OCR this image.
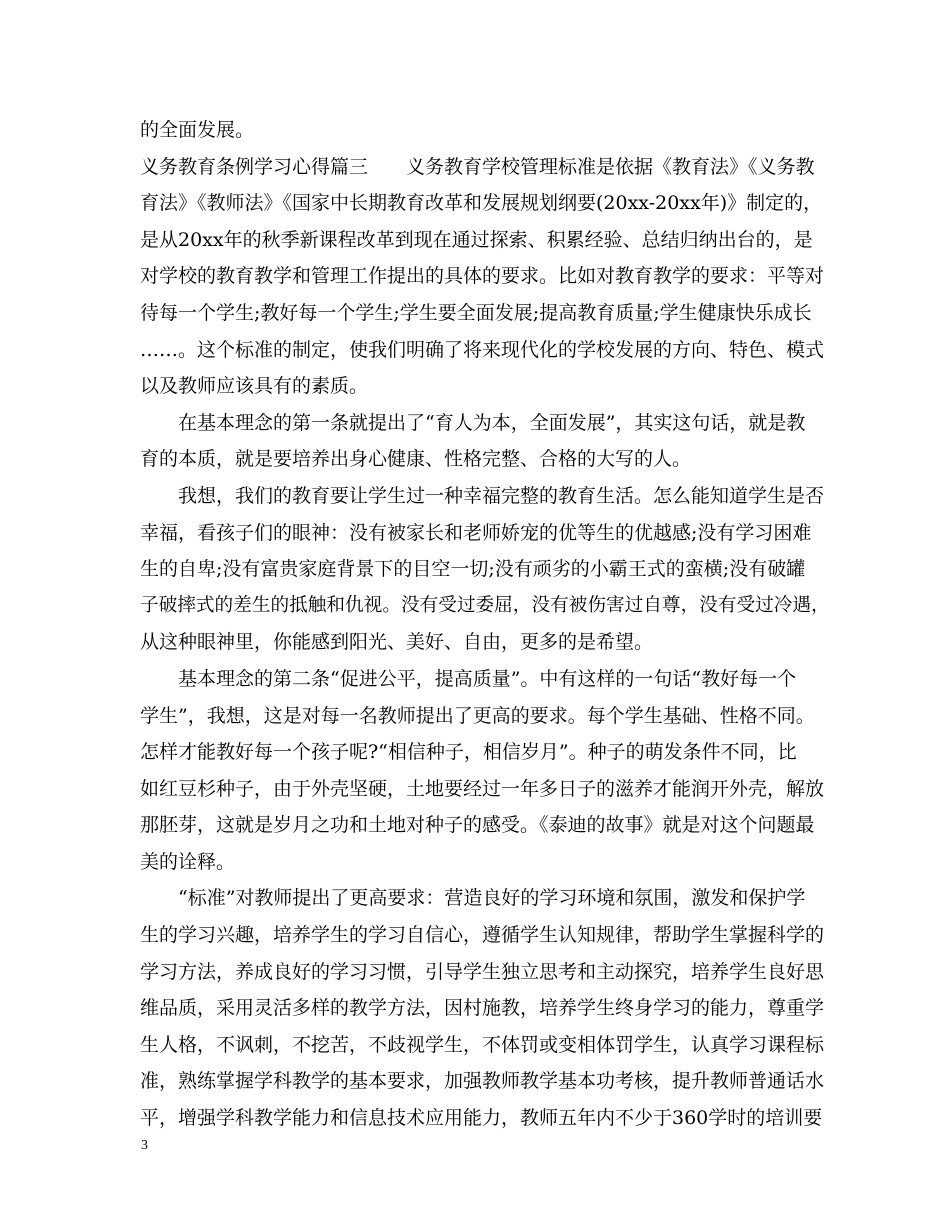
的全面发展。
义务教育条例学习心得篇三　　义务教育学校管理标准是依据《教育法》《义务教
育法》《教师法》《国家中长期教育改革和发展规划纲要(20xx-20xx年)》制定的，
是从20xx年的秋季新课程改革到现在通过探索、积累经验、总结归纳出台的，是
对学校的教育教学和管理工作提出的具体的要求。比如对教育教学的要求：平等对
待每一个学生;教好每一个学生;学生要全面发展;提高教育质量;学生健康快乐成长
……。这个标准的制定，使我们明确了将来现代化的学校发展的方向、特色、模式
以及教师应该具有的素质。
在基本理念的第一条就提出了“育人为本，全面发展”，其实这句话，就是教
育的本质，就是要培养出身心健康、性格完整、合格的大写的人。
我想，我们的教育要让学生过一种幸福完整的教育生活。怎么能知道学生是否
幸福，看孩子们的眼神：没有被家长和老师娇宠的优等生的优越感;没有学习困难
生的自卑;没有富贵家庭背景下的目空一切;没有顽劣的小霸王式的蛮横;没有破罐
子破摔式的差生的抵触和仇视。没有受过委屈，没有被伤害过自尊，没有受过冷遇，
从这种眼神里，你能感到阳光、美好、自由，更多的是希望。
基本理念的第二条“促进公平，提高质量”。中有这样的一句话“教好每一个
学生”，我想，这是对每一名教师提出了更高的要求。每个学生基础、性格不同。
怎样才能教好每一个孩子呢?“相信种子，相信岁月”。种子的萌发条件不同，比
如红豆杉种子，由于外壳坚硬，土地要经过一年多日子的滋养才能润开外壳，解放
那胚芽，这就是岁月之功和土地对种子的感受。《泰迪的故事》就是对这个问题最
美的诠释。
“标准”对教师提出了更高要求：营造良好的学习环境和氛围，激发和保护学
生的学习兴趣，培养学生的学习自信心，遵循学生认知规律，帮助学生掌握科学的
学习方法，养成良好的学习习惯，引导学生独立思考和主动探究，培养学生良好思
维品质，采用灵活多样的教学方法，因村施教，培养学生终身学习的能力，尊重学
生人格，不讽刺，不挖苦，不歧视学生，不体罚或变相体罚学生，认真学习课程标
准，熟练掌握学科教学的基本要求，加强教师教学基本功考核，提升教师普通话水
平，增强学科教学能力和信息技术应用能力，教师五年内不少于360学时的培训要
3
